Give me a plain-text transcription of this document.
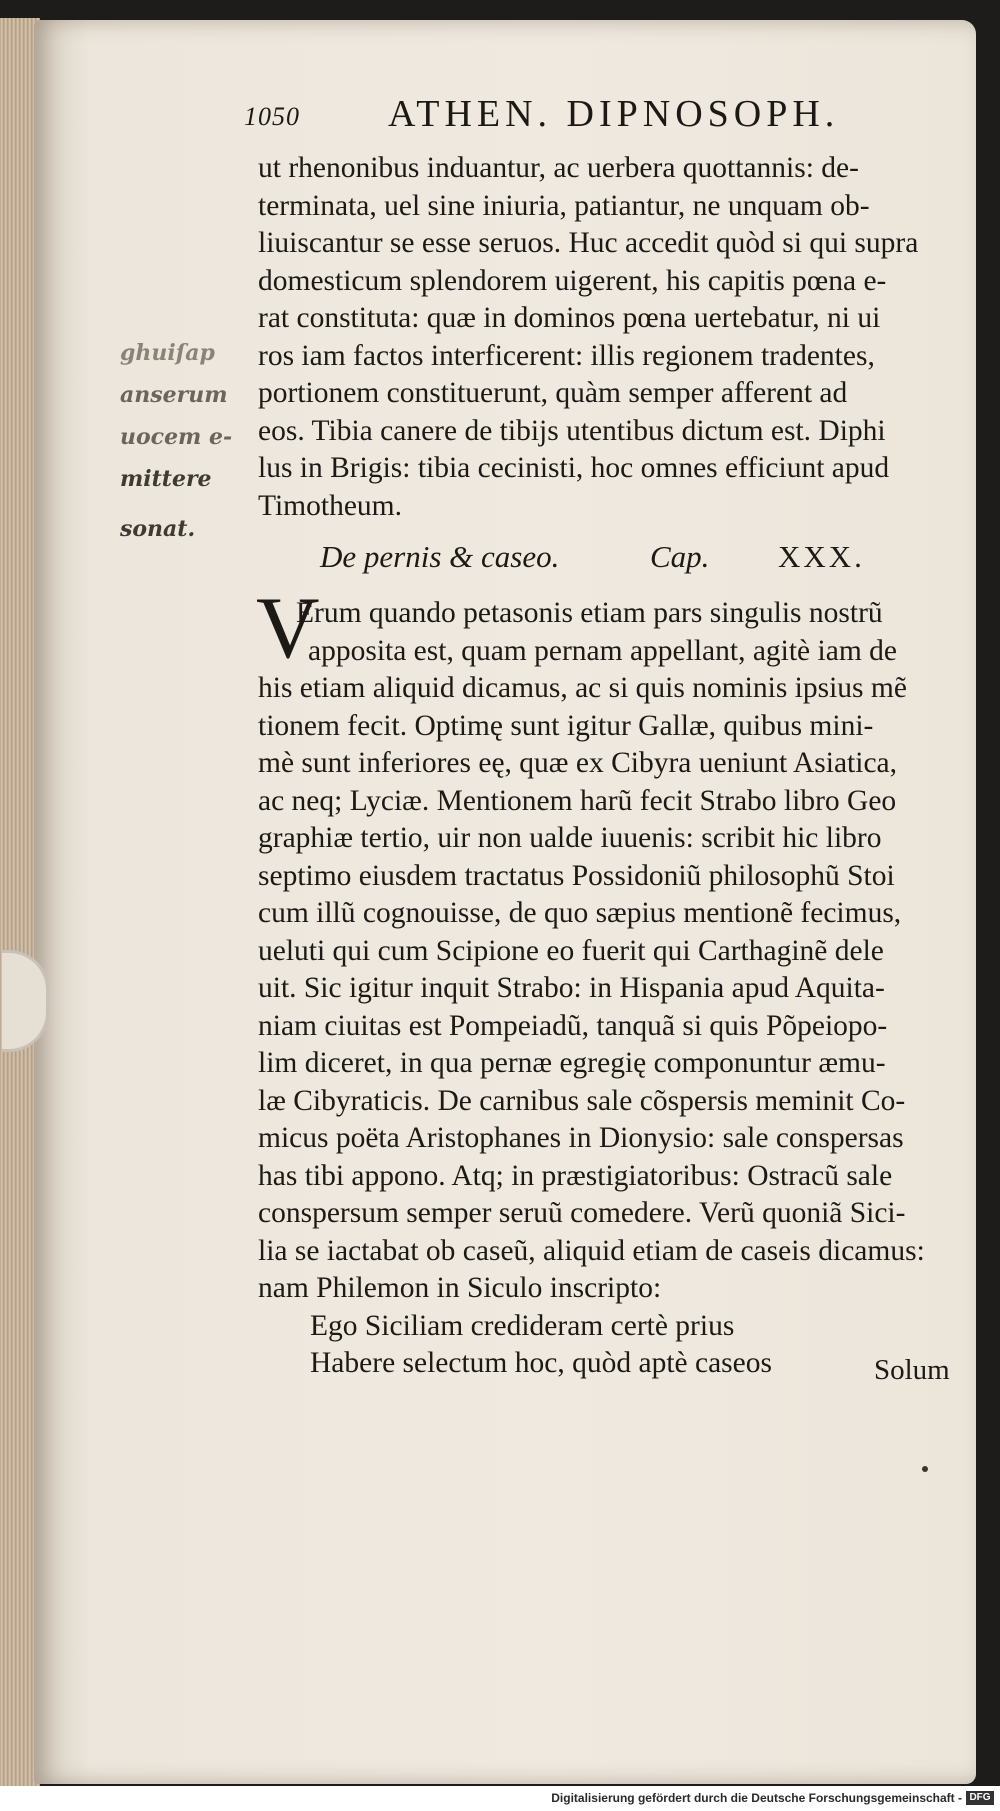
1050 ATHEN. DIPNOSOPH.
ghuiſap
anserum
uocem e-
mittere
sonat.
ut rhenonibus induantur, ac uerbera quottannis: de-
terminata, uel sine iniuria, patiantur, ne unquam ob-
liuiscantur se esse seruos. Huc accedit quòd si qui supra
domesticum splendorem uigerent, his capitis pœna e-
rat constituta: quæ in dominos pœna uertebatur, ni ui
ros iam factos interficerent: illis regionem tradentes,
portionem constituerunt, quàm semper afferent ad
eos. Tibia canere de tibijs utentibus dictum est. Diphi
lus in Brigis: tibia cecinisti, hoc omnes efficiunt apud
Timotheum.
De pernis & caseo.	Cap.	XXX.
V
Erum quando petasonis etiam pars singulis nostrũ
apposita est, quam pernam appellant, agitè iam de
his etiam aliquid dicamus, ac si quis nominis ipsius mẽ
tionem fecit. Optimę sunt igitur Gallæ, quibus mini-
mè sunt inferiores eę, quæ ex Cibyra ueniunt Asiatica,
ac neq; Lyciæ. Mentionem harũ fecit Strabo libro Geo
graphiæ tertio, uir non ualde iuuenis: scribit hic libro
septimo eiusdem tractatus Possidoniũ philosophũ Stoi
cum illũ cognouisse, de quo sæpius mentionẽ fecimus,
ueluti qui cum Scipione eo fuerit qui Carthaginẽ dele
uit. Sic igitur inquit Strabo: in Hispania apud Aquita-
niam ciuitas est Pompeiadũ, tanquã si quis Põpeiopo-
lim diceret, in qua pernæ egregię componuntur æmu-
læ Cibyraticis. De carnibus sale cõspersis meminit Co-
micus poëta Aristophanes in Dionysio: sale conspersas
has tibi appono. Atq; in præstigiatoribus: Ostracũ sale
conspersum semper seruũ comedere. Verũ quoniã Sici-
lia se iactabat ob caseũ, aliquid etiam de caseis dicamus:
nam Philemon in Siculo inscripto:
Ego Siciliam credideram certè prius
Habere selectum hoc, quòd aptè caseos	Solum
Digitalisierung gefördert durch die Deutsche Forschungsgemeinschaft - DFG
